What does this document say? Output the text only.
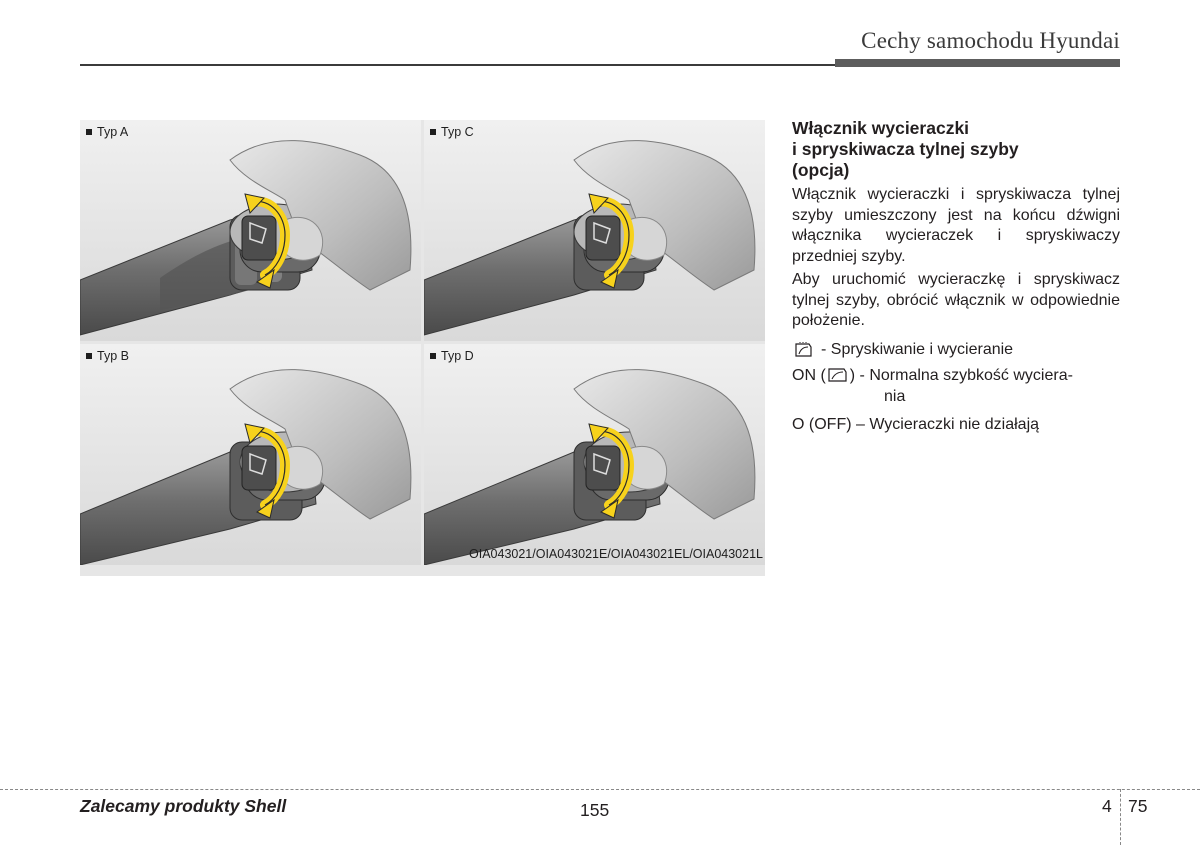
Cechy samochodu Hyundai
Typ A	Typ C
Typ B	Typ D
OIA043021/OIA043021E/OIA043021EL/OIA043021L
Włącznik wycieraczki
i spryskiwacza tylnej szyby
(opcja)
Włącznik wycieraczki i spryskiwacza tylnej szyby umieszczony jest na końcu dźwigni włącznika wycieraczek i spryskiwaczy przedniej szyby.
Aby uruchomić wycieraczkę i spryskiwacz tylnej szyby, obrócić włącznik w odpowiednie położenie.
- Spryskiwanie i wycieranie
ON ( ) - Normalna szybkość wyciera-
nia
O (OFF) – Wycieraczki nie działają
Zalecamy produkty Shell	155	4 75
